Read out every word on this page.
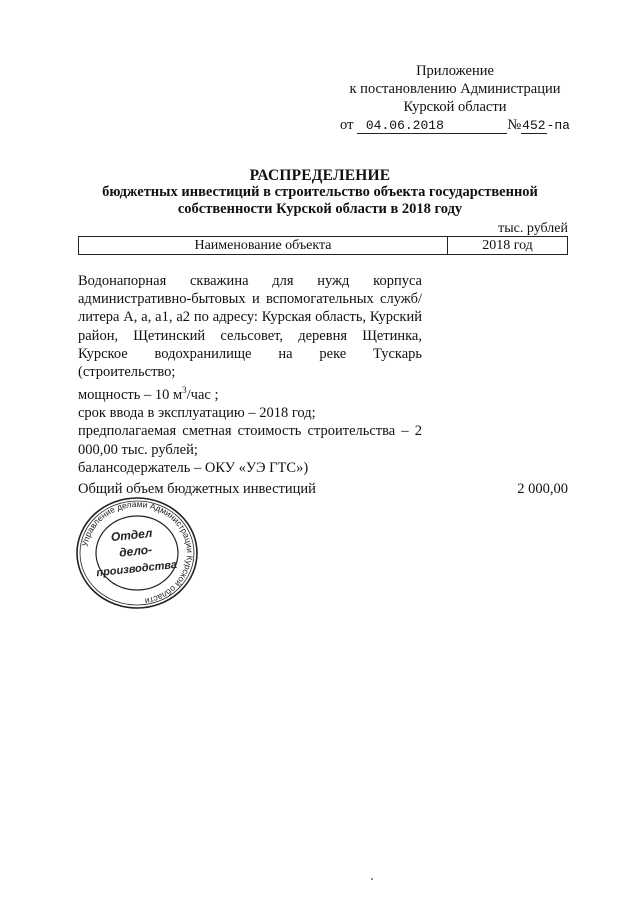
Приложение
к постановлению Администрации
Курской области
от 04.06.2018	№452-па
РАСПРЕДЕЛЕНИЕ
бюджетных инвестиций в строительство объекта государственной
собственности Курской области в 2018 году
тыс. рублей
Наименование объекта	2018 год

Водонапорная скважина для нужд корпуса административно-бытовых и вспомогательных служб/литера А, а, а1, а2 по адресу: Курская область, Курский район, Щетинский сельсовет, деревня Щетинка, Курское водохранилище на реке Тускарь (строительство;

мощность – 10 $м^3$/час ;

срок ввода в эксплуатацию – 2018 год;

предполагаемая сметная стоимость строительства – 2 000,00 тыс. рублей;

балансодержатель – ОКУ «УЭ ГТС»)

Общий объем бюджетных инвестиций	2 000,00
Управление делами Администрации Курской области
Отдел
дело-
производства
